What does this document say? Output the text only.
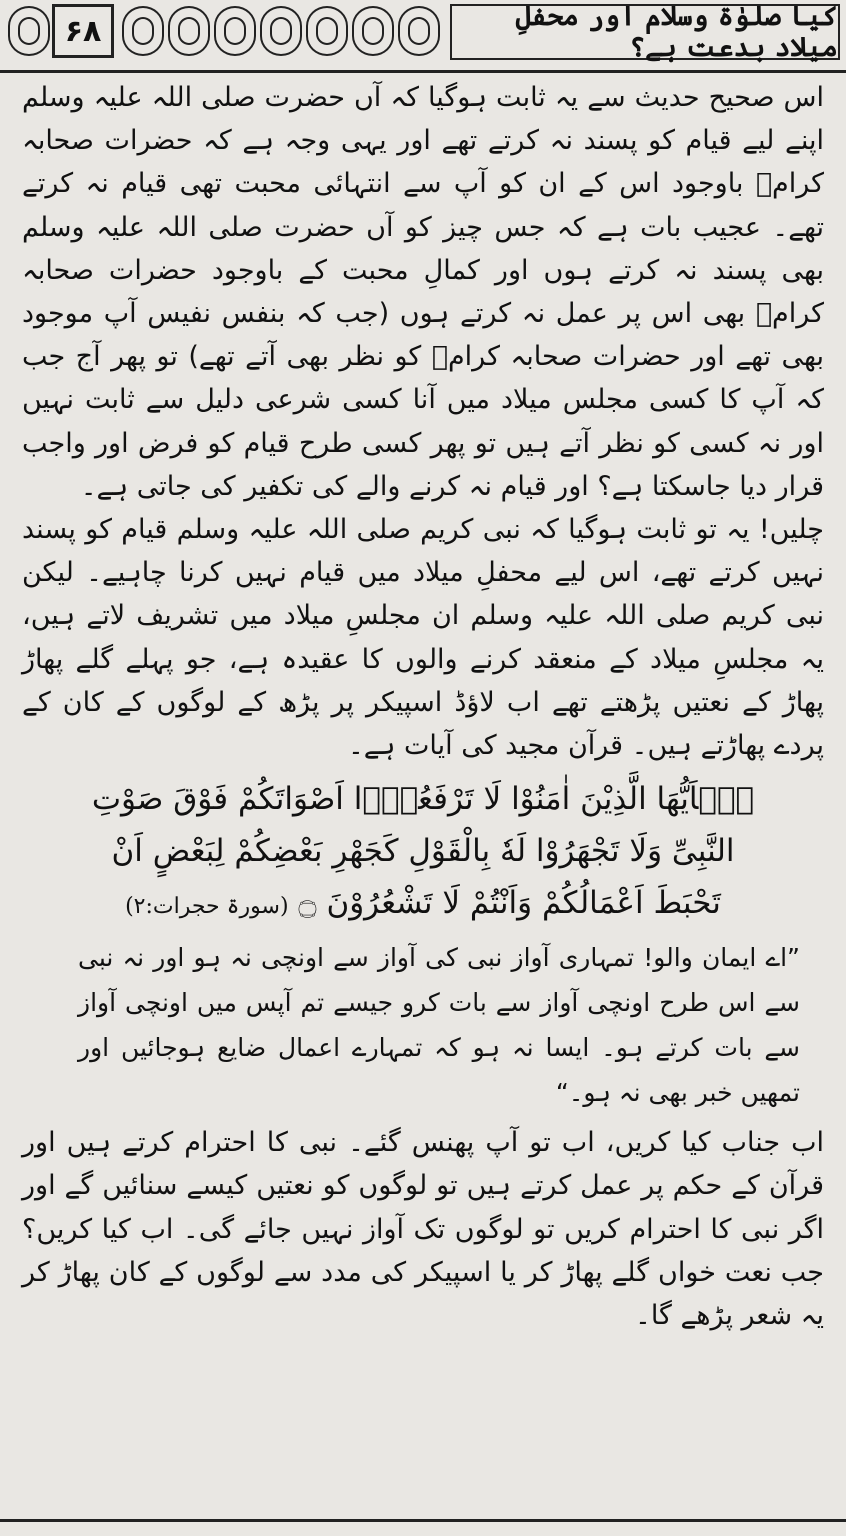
۶۸	کیا صلوٰۃ وسلام اور محفلِ میلاد بدعت ہے؟

اس صحیح حدیث سے یہ ثابت ہوگیا کہ آں حضرت صلی اللہ علیہ وسلم اپنے لیے قیام کو پسند نہ کرتے تھے اور یہی وجہ ہے کہ حضرات صحابہ کرامؓ باوجود اس کے ان کو آپ سے انتہائی محبت تھی قیام نہ کرتے تھے۔ عجیب بات ہے کہ جس چیز کو آں حضرت صلی اللہ علیہ وسلم بھی پسند نہ کرتے ہوں اور کمالِ محبت کے باوجود حضرات صحابہ کرامؓ بھی اس پر عمل نہ کرتے ہوں (جب کہ بنفس نفیس آپ موجود بھی تھے اور حضرات صحابہ کرامؓ کو نظر بھی آتے تھے) تو پھر آج جب کہ آپ کا کسی مجلس میلاد میں آنا کسی شرعی دلیل سے ثابت نہیں اور نہ کسی کو نظر آتے ہیں تو پھر کسی طرح قیام کو فرض اور واجب قرار دیا جاسکتا ہے؟ اور قیام نہ کرنے والے کی تکفیر کی جاتی ہے۔

چلیں! یہ تو ثابت ہوگیا کہ نبی کریم صلی اللہ علیہ وسلم قیام کو پسند نہیں کرتے تھے، اس لیے محفلِ میلاد میں قیام نہیں کرنا چاہیے۔ لیکن نبی کریم صلی اللہ علیہ وسلم ان مجلسِ میلاد میں تشریف لاتے ہیں، یہ مجلسِ میلاد کے منعقد کرنے والوں کا عقیدہ ہے، جو پہلے گلے پھاڑ پھاڑ کے نعتیں پڑھتے تھے اب لاؤڈ اسپیکر پر پڑھ کے لوگوں کے کان کے پردے پھاڑتے ہیں۔ قرآن مجید کی آیات ہے۔

یٰۤاَیُّهَا الَّذِیْنَ اٰمَنُوْا لَا تَرْفَعُوْۤا اَصْوَاتَكُمْ فَوْقَ صَوْتِ
النَّبِیِّ وَلَا تَجْهَرُوْا لَهٗ بِالْقَوْلِ كَجَهْرِ بَعْضِكُمْ لِبَعْضٍ اَنْ
تَحْبَطَ اَعْمَالُكُمْ وَاَنْتُمْ لَا تَشْعُرُوْنَ ۝ (سورۃ حجرات:۲)

”اے ایمان والو! تمہاری آواز نبی کی آواز سے اونچی نہ ہو اور نہ نبی سے اس طرح اونچی آواز سے بات کرو جیسے تم آپس میں اونچی آواز سے بات کرتے ہو۔ ایسا نہ ہو کہ تمہارے اعمال ضایع ہوجائیں اور تمھیں خبر بھی نہ ہو۔“

اب جناب کیا کریں، اب تو آپ پھنس گئے۔ نبی کا احترام کرتے ہیں اور قرآن کے حکم پر عمل کرتے ہیں تو لوگوں کو نعتیں کیسے سنائیں گے اور اگر نبی کا احترام کریں تو لوگوں تک آواز نہیں جائے گی۔ اب کیا کریں؟ جب نعت خواں گلے پھاڑ کر یا اسپیکر کی مدد سے لوگوں کے کان پھاڑ کر یہ شعر پڑھے گا۔
